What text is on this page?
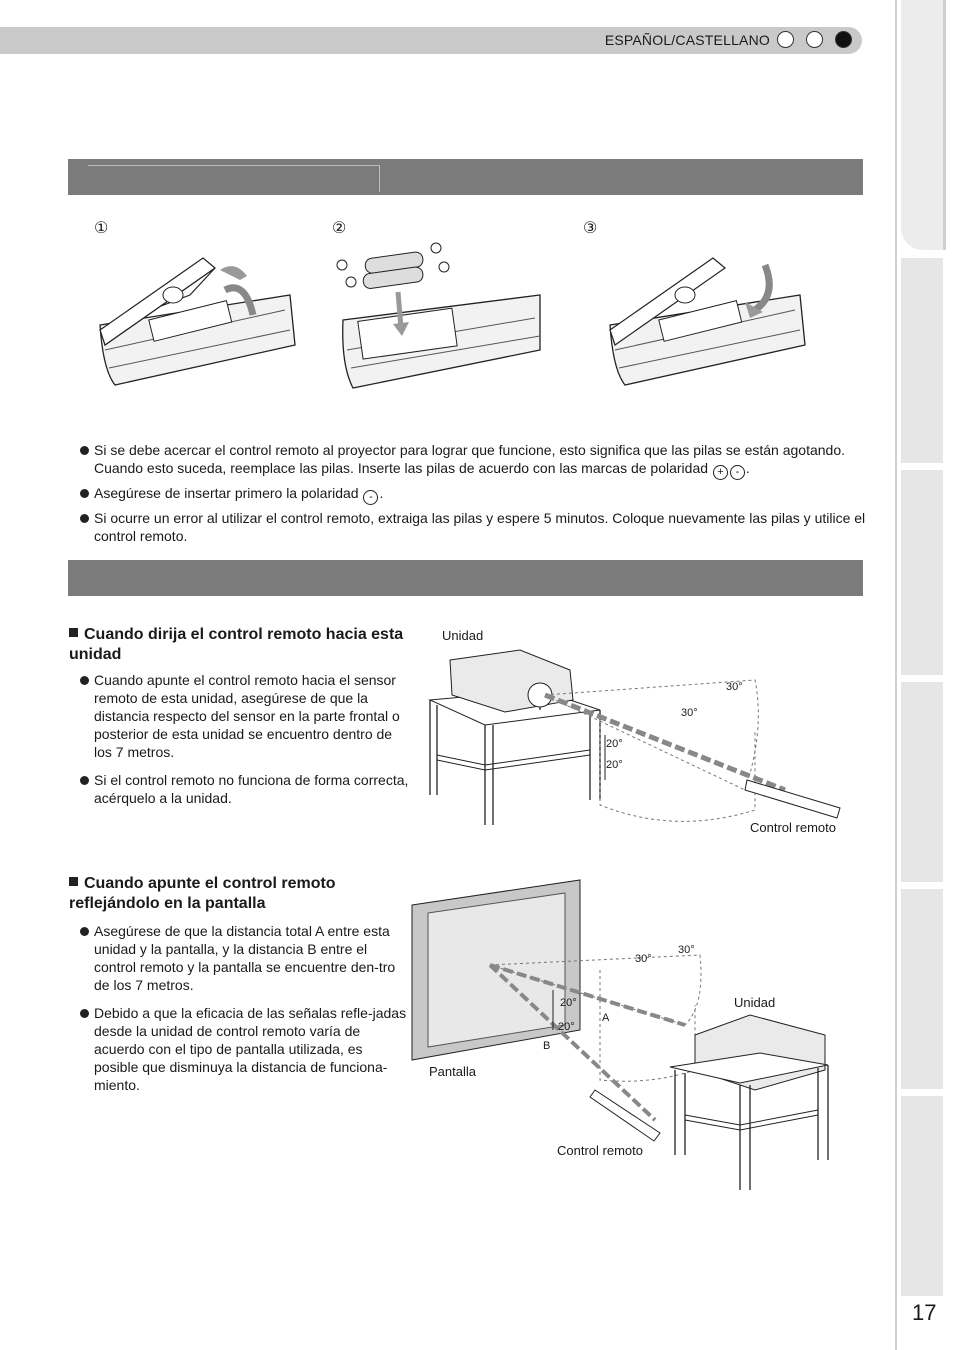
ESPAÑOL/CASTELLANO
17
①	②	③
Si se debe acercar el control remoto al proyector para lograr que funcione, esto significa que las pilas se están agotando. Cuando esto suceda, reemplace las pilas. Inserte las pilas de acuerdo con las marcas de polaridad + - .
Asegúrese de insertar primero la polaridad - .
Si ocurre un error al utilizar el control remoto, extraiga las pilas y espere 5 minutos. Coloque nuevamente las pilas y utilice el control remoto.
Cuando dirija el control remoto hacia esta unidad
Cuando apunte el control remoto hacia el sensor remoto de esta unidad, asegúrese de que la distancia respecto del sensor en la parte frontal o posterior de esta unidad se encuentro dentro de los 7 metros.
Si el control remoto no funciona de forma correcta, acérquelo a la unidad.
Unidad
Control remoto
30°
30°
20°
20°
Cuando apunte el control remoto reflejándolo en la pantalla
Asegúrese de que la distancia total A entre esta unidad y la pantalla, y la distancia B entre el control remoto y la pantalla se encuentre den-tro de los 7 metros.
Debido a que la eficacia de las señalas refle-jadas desde la unidad de control remoto varía de acuerdo con el tipo de pantalla utilizada, es posible que disminuya la distancia de funciona-miento.
Pantalla
Unidad
Control remoto
30°
30°
20°
20°
A
B
